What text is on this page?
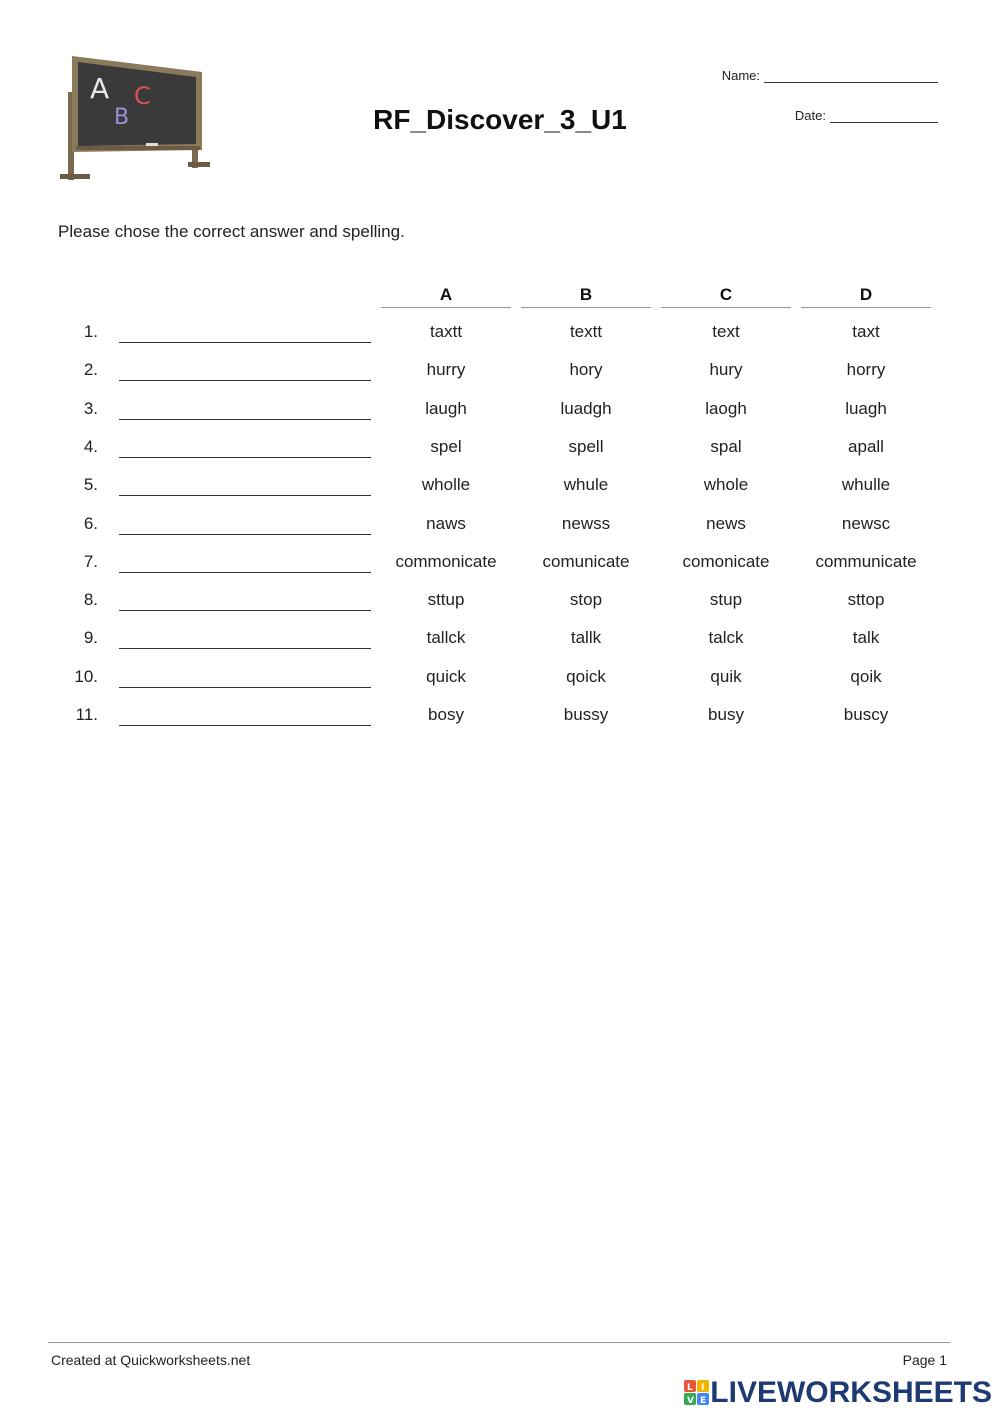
A
B
C
RF_Discover_3_U1
Name:
Date:
Please chose the correct answer and spelling.
A	B	C	D
1.	taxtt	textt	text	taxt
2.	hurry	hory	hury	horry
3.	laugh	luadgh	laogh	luagh
4.	spel	spell	spal	apall
5.	wholle	whule	whole	whulle
6.	naws	newss	news	newsc
7.	commonicate	comunicate	comonicate	communicate
8.	sttup	stop	stup	sttop
9.	tallck	tallk	talck	talk
10.	quick	qoick	quik	qoik
11.	bosy	bussy	busy	buscy
Created at Quickworksheets.net	Page 1
L I
V E LIVEWORKSHEETS
